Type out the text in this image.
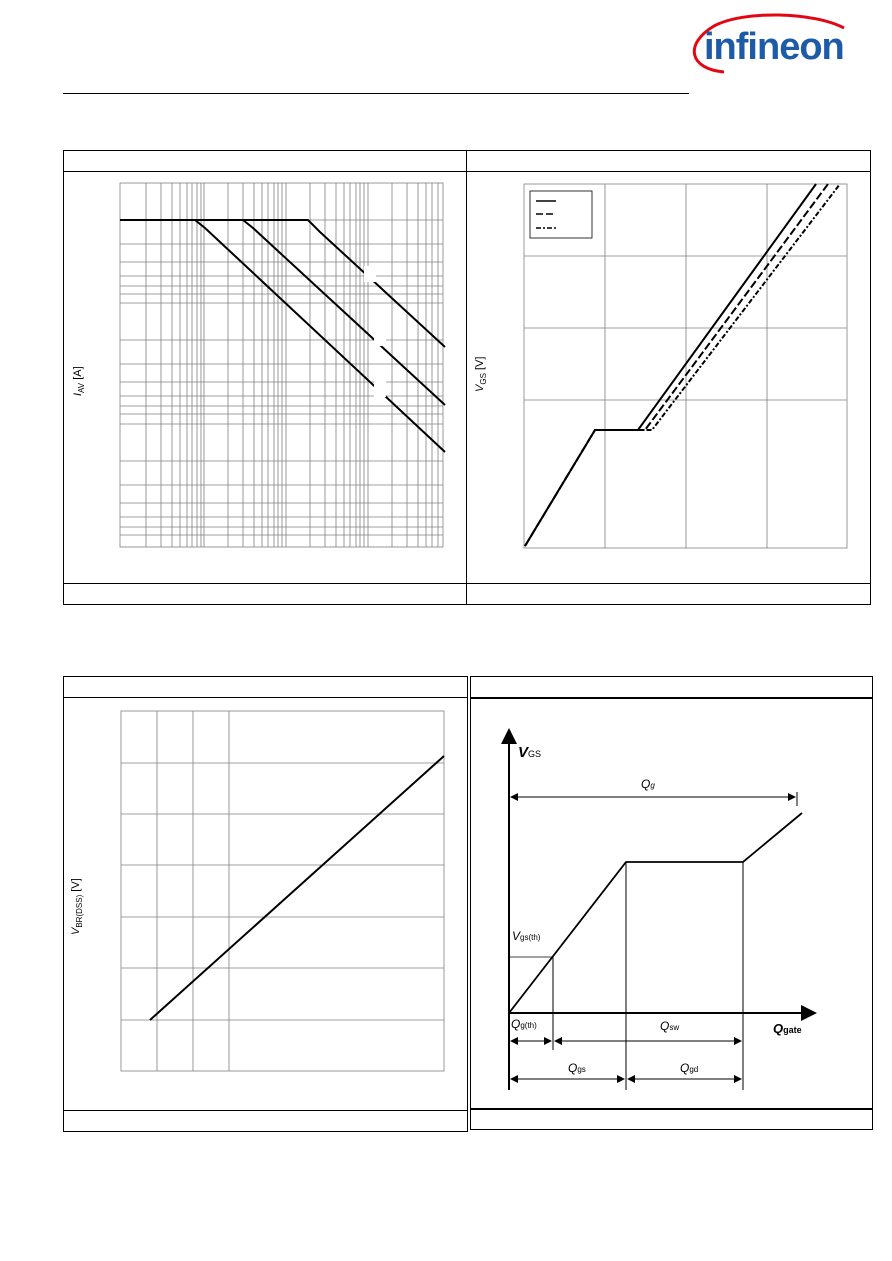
infineon
$I_{AV}$ [A]
$V_{GS}$ [V]
$V_{BR(DSS)}$ [V]
VGS
Qg
Vgs(th)
Qg(th)	Qsw	Qgate
Qgs	Qgd
